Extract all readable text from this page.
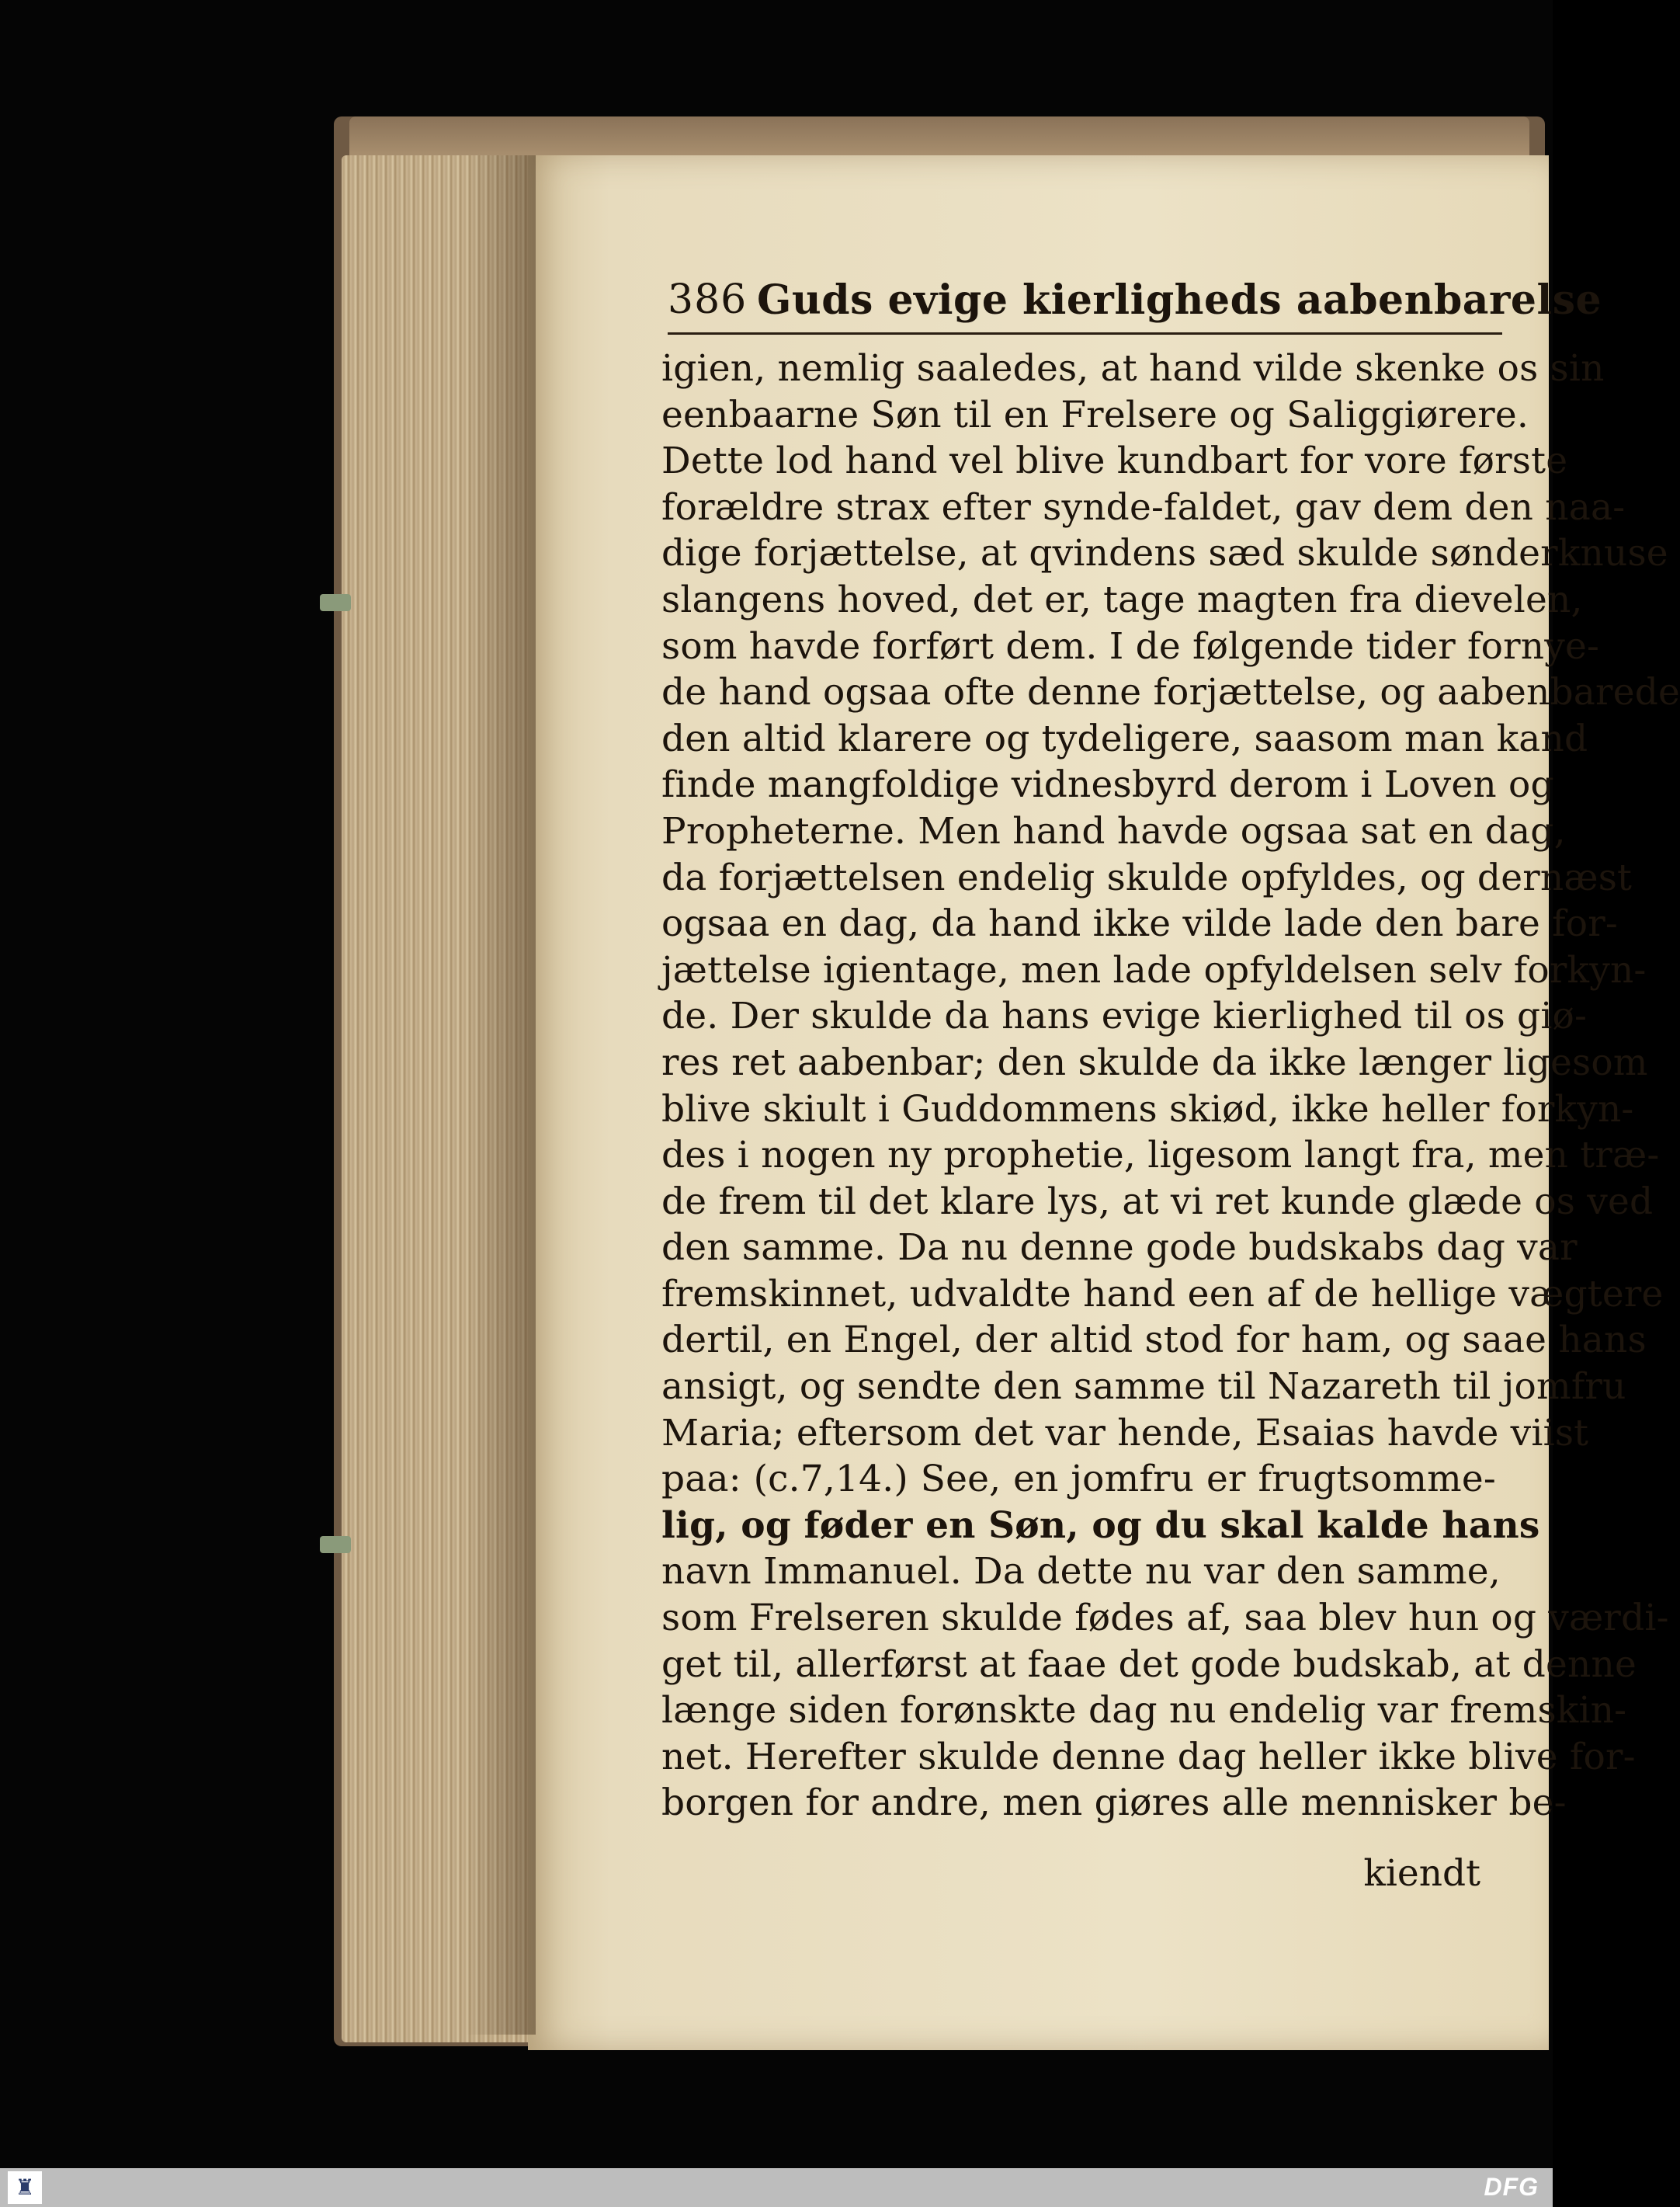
386 Guds evige kierligheds aabenbarelse
igien, nemlig saaledes, at hand vilde skenke os sin
eenbaarne Søn til en Frelsere og Saliggiørere.
Dette lod hand vel blive kundbart for vore første
forældre strax efter synde-faldet, gav dem den naa-
dige forjættelse, at qvindens sæd skulde sønderknuse
slangens hoved, det er, tage magten fra dievelen,
som havde forført dem. I de følgende tider fornye-
de hand ogsaa ofte denne forjættelse, og aabenbarede
den altid klarere og tydeligere, saasom man kand
finde mangfoldige vidnesbyrd derom i Loven og
Propheterne. Men hand havde ogsaa sat en dag,
da forjættelsen endelig skulde opfyldes, og dernæst
ogsaa en dag, da hand ikke vilde lade den bare for-
jættelse igientage, men lade opfyldelsen selv forkyn-
de. Der skulde da hans evige kierlighed til os giø-
res ret aabenbar; den skulde da ikke længer ligesom
blive skiult i Guddommens skiød, ikke heller forkyn-
des i nogen ny prophetie, ligesom langt fra, men træ-
de frem til det klare lys, at vi ret kunde glæde os ved
den samme. Da nu denne gode budskabs dag var
fremskinnet, udvaldte hand een af de hellige vægtere
dertil, en Engel, der altid stod for ham, og saae hans
ansigt, og sendte den samme til Nazareth til jomfru
Maria; eftersom det var hende, Esaias havde viist
paa: (c.7,14.) See, en jomfru er frugtsomme-
lig, og føder en Søn, og du skal kalde hans
navn Immanuel. Da dette nu var den samme,
som Frelseren skulde fødes af, saa blev hun og værdi-
get til, allerførst at faae det gode budskab, at denne
længe siden forønskte dag nu endelig var fremskin-
net. Herefter skulde denne dag heller ikke blive for-
borgen for andre, men giøres alle mennisker be-
kiendt
♜	DFG
